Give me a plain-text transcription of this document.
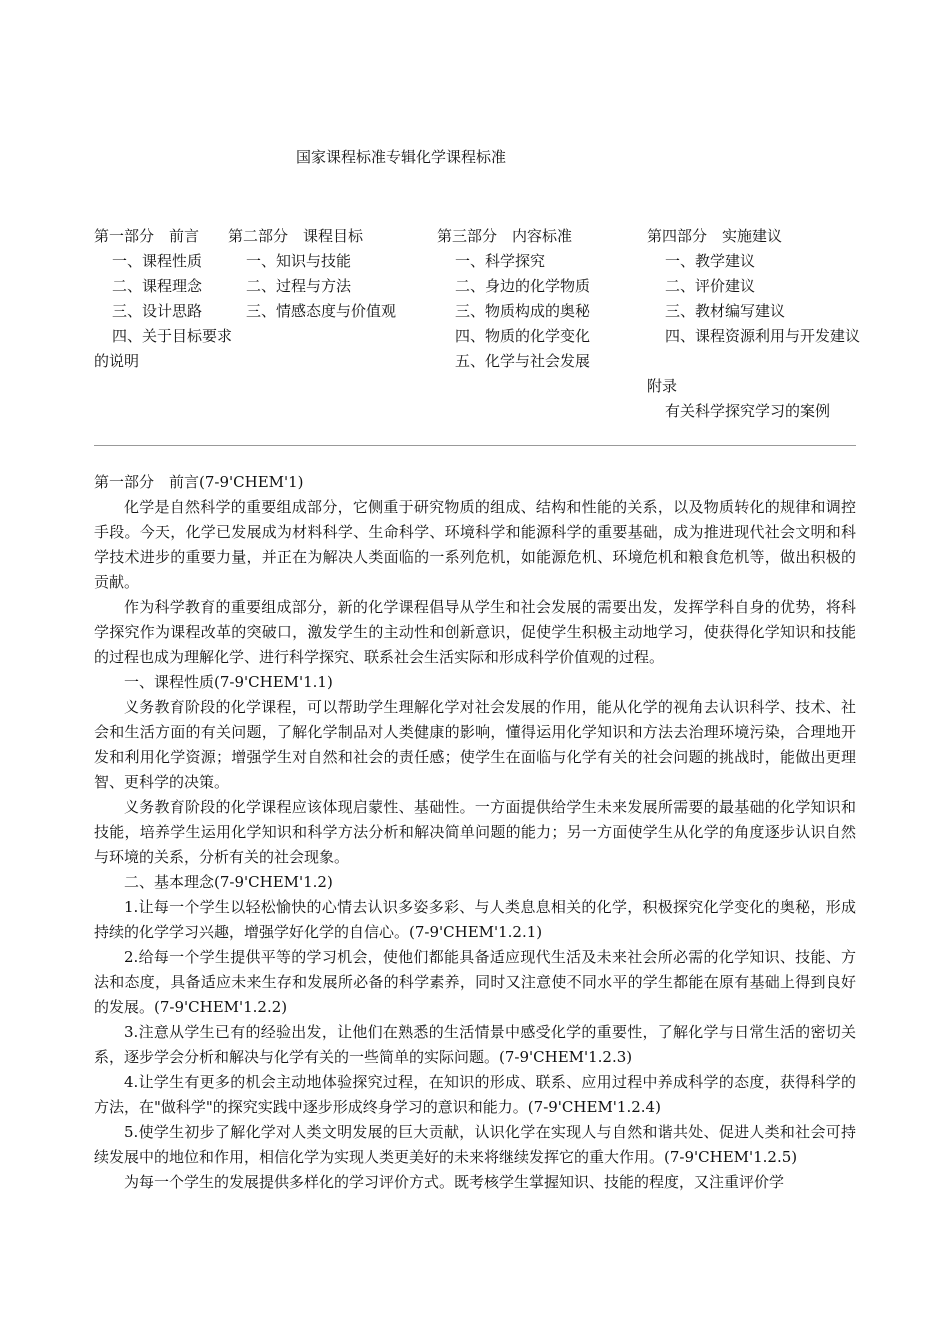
国家课程标准专辑化学课程标准
第一部分　前言
一、课程性质
二、课程理念
三、设计思路
四、关于目标要求的说明
第二部分　课程目标
一、知识与技能
二、过程与方法
三、情感态度与价值观
第三部分　内容标准
一、科学探究
二、身边的化学物质
三、物质构成的奥秘
四、物质的化学变化
五、化学与社会发展
第四部分　实施建议
一、教学建议
二、评价建议
三、教材编写建议
四、课程资源利用与开发建议
附录
有关科学探究学习的案例

第一部分　前言(7-9'CHEM'1)

化学是自然科学的重要组成部分，它侧重于研究物质的组成、结构和性能的关系，以及物质转化的规律和调控手段。今天，化学已发展成为材料科学、生命科学、环境科学和能源科学的重要基础，成为推进现代社会文明和科学技术进步的重要力量，并正在为解决人类面临的一系列危机，如能源危机、环境危机和粮食危机等，做出积极的贡献。

作为科学教育的重要组成部分，新的化学课程倡导从学生和社会发展的需要出发，发挥学科自身的优势，将科学探究作为课程改革的突破口，激发学生的主动性和创新意识，促使学生积极主动地学习，使获得化学知识和技能的过程也成为理解化学、进行科学探究、联系社会生活实际和形成科学价值观的过程。

一、课程性质(7-9'CHEM'1.1)

义务教育阶段的化学课程，可以帮助学生理解化学对社会发展的作用，能从化学的视角去认识科学、技术、社会和生活方面的有关问题，了解化学制品对人类健康的影响，懂得运用化学知识和方法去治理环境污染，合理地开发和利用化学资源；增强学生对自然和社会的责任感；使学生在面临与化学有关的社会问题的挑战时，能做出更理智、更科学的决策。

义务教育阶段的化学课程应该体现启蒙性、基础性。一方面提供给学生未来发展所需要的最基础的化学知识和技能，培养学生运用化学知识和科学方法分析和解决简单问题的能力；另一方面使学生从化学的角度逐步认识自然与环境的关系，分析有关的社会现象。

二、基本理念(7-9'CHEM'1.2)

1.让每一个学生以轻松愉快的心情去认识多姿多彩、与人类息息相关的化学，积极探究化学变化的奥秘，形成持续的化学学习兴趣，增强学好化学的自信心。(7-9'CHEM'1.2.1)

2.给每一个学生提供平等的学习机会，使他们都能具备适应现代生活及未来社会所必需的化学知识、技能、方法和态度，具备适应未来生存和发展所必备的科学素养，同时又注意使不同水平的学生都能在原有基础上得到良好的发展。(7-9'CHEM'1.2.2)

3.注意从学生已有的经验出发，让他们在熟悉的生活情景中感受化学的重要性，了解化学与日常生活的密切关系，逐步学会分析和解决与化学有关的一些简单的实际问题。(7-9'CHEM'1.2.3)

4.让学生有更多的机会主动地体验探究过程，在知识的形成、联系、应用过程中养成科学的态度，获得科学的方法，在"做科学"的探究实践中逐步形成终身学习的意识和能力。(7-9'CHEM'1.2.4)

5.使学生初步了解化学对人类文明发展的巨大贡献，认识化学在实现人与自然和谐共处、促进人类和社会可持续发展中的地位和作用，相信化学为实现人类更美好的未来将继续发挥它的重大作用。(7-9'CHEM'1.2.5)

为每一个学生的发展提供多样化的学习评价方式。既考核学生掌握知识、技能的程度，又注重评价学
